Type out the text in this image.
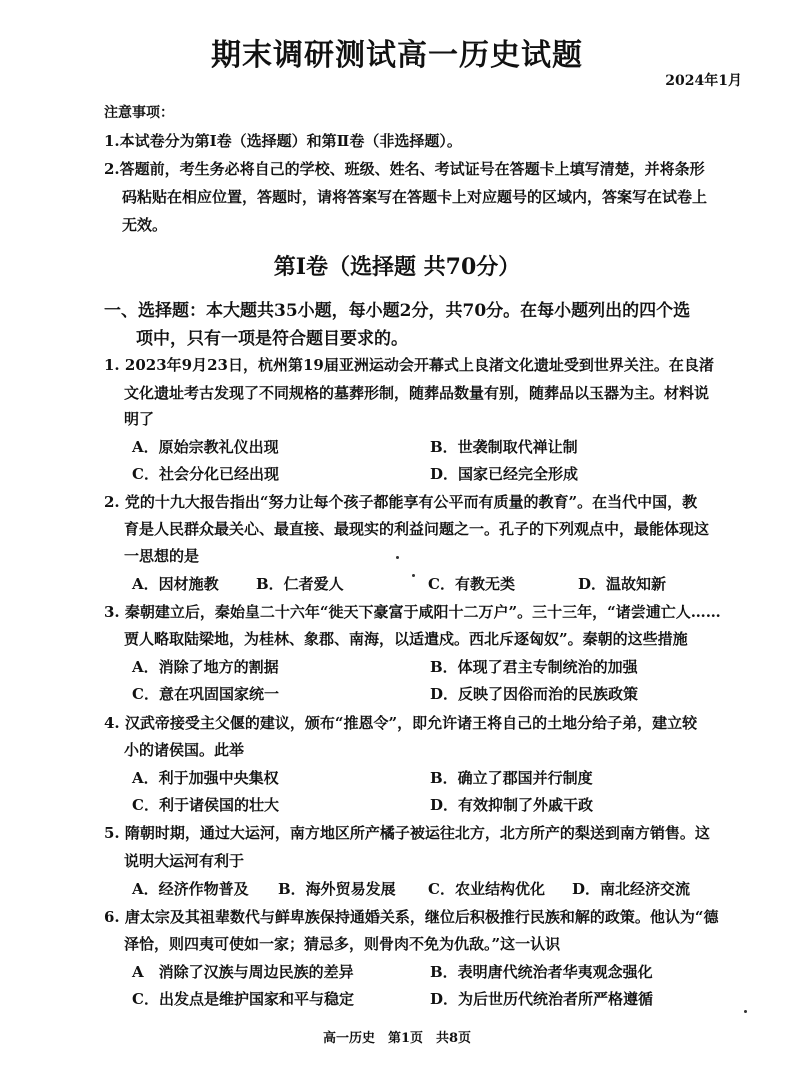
期末调研测试高一历史试题
2024年1月
注意事项：
1.本试卷分为第Ⅰ卷（选择题）和第Ⅱ卷（非选择题）。
2.答题前，考生务必将自己的学校、班级、姓名、考试证号在答题卡上填写清楚，并将条形
码粘贴在相应位置，答题时，请将答案写在答题卡上对应题号的区域内，答案写在试卷上
无效。
第Ⅰ卷（选择题 共70分）
一、选择题：本大题共35小题，每小题2分，共70分。在每小题列出的四个选
项中，只有一项是符合题目要求的。
1. 2023年9月23日，杭州第19届亚洲运动会开幕式上良渚文化遗址受到世界关注。在良渚
文化遗址考古发现了不同规格的墓葬形制，随葬品数量有别，随葬品以玉器为主。材料说
明了
A．原始宗教礼仪出现	B．世袭制取代禅让制
C．社会分化已经出现	D．国家已经完全形成
2. 党的十九大报告指出“努力让每个孩子都能享有公平而有质量的教育”。在当代中国，教
育是人民群众最关心、最直接、最现实的利益问题之一。孔子的下列观点中，最能体现这
一思想的是
A．因材施教 B．仁者爱人	C．有教无类	D．温故知新
3. 秦朝建立后，秦始皇二十六年“徙天下豪富于咸阳十二万户”。三十三年，“诸尝逋亡人……
贾人略取陆梁地，为桂林、象郡、南海，以适遣戍。西北斥逐匈奴”。秦朝的这些措施
A．消除了地方的割据	B．体现了君主专制统治的加强
C．意在巩固国家统一	D．反映了因俗而治的民族政策
4. 汉武帝接受主父偃的建议，颁布“推恩令”，即允许诸王将自己的土地分给子弟，建立较
小的诸侯国。此举
A．利于加强中央集权	B．确立了郡国并行制度
C．利于诸侯国的壮大	D．有效抑制了外戚干政
5. 隋朝时期，通过大运河，南方地区所产橘子被运往北方，北方所产的梨送到南方销售。这
说明大运河有利于
A．经济作物普及 B．海外贸易发展 C．农业结构优化 D．南北经济交流
6. 唐太宗及其祖辈数代与鲜卑族保持通婚关系，继位后积极推行民族和解的政策。他认为“德
泽恰，则四夷可使如一家；猜忌多，则骨肉不免为仇敌。”这一认识
A　消除了汉族与周边民族的差异	B．表明唐代统治者华夷观念强化
C．出发点是维护国家和平与稳定	D．为后世历代统治者所严格遵循
高一历史　第1页　共8页
